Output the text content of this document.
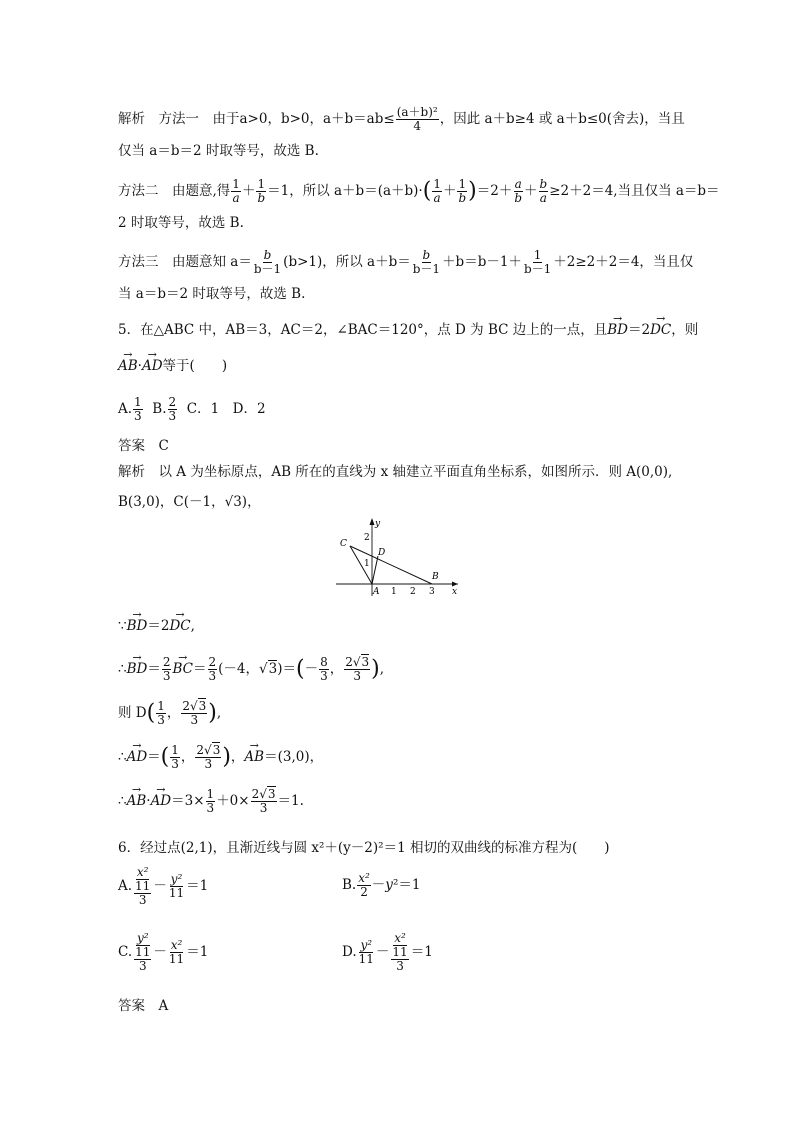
解析　方法一　由于a>0，b>0，$a+b=ab\le \frac{\text{(a＋b)²}}{4}$ ，因此 a＋b≥4 或 a＋b≤0(舍去)，当且
仅当 a＝b＝2 时取等号，故选 B.
方法二　由题意,得 $\frac{1}{a} + \frac{1}{b} =1$，所以 $a+b=(a+b)\cdot( \frac{1}{a} + \frac{1}{b} )=2+ \frac{a}{b} + \frac{b}{a} \ge 2+2=4$,当且仅当 a＝b＝
2 时取等号，故选 B.
方法三　由题意知 $a= \frac{b}{b-1} (b>1)$，所以 $a+b= \frac{b}{b-1} +b=b-1+ \frac{1}{b-1} +2\ge 2+2=4$，当且仅
当 a＝b＝2 时取等号，故选 B.
5．在△ABC 中，AB＝3，AC＝2，∠BAC＝120°，点 D 为 BC 边上的一点，且→ BD＝2→ DC，则
→ AB·→ AD等于(　　)
A. $\frac{1}{3} B$. $\frac{2}{3}$ C．1　 D．2
答案　C
解析　以 A 为坐标原点，AB 所在的直线为 x 轴建立平面直角坐标系，如图所示．则 A(0,0),
B(3,0)，C(－1，√3)，
C
y
2
D
1
A 1 2 3
B
x
∵→ BD＝2→ DC,
∴→ $BD= \frac{2}{3}$
→ $BC= \frac{2}{3} (-4$，$√3)=(- \frac{8}{3}$ ， $\frac{2√3}{3}$ ),
则 $D( \frac{1}{3}$ ， $\frac{2√3}{3}$ ),
∴→ $AD=( \frac{1}{3}$ ， $\frac{2√3}{3}$ )，→ AB＝(3,0)，
∴→ $AB\cdot\to AD=3\times \frac{1}{3} +0\times \frac{2√3}{3} =1$.
6．经过点(2,1)，且渐近线与圆 x²＋(y－2)²＝1 相切的双曲线的标准方程为(　　)
A. $\frac{\text{x²}}{\frac{11}{3}} - \frac{\text{y²}}{11} =1$	B. $\frac{\text{x²}}{2} -y^2=1$
C. $\frac{\text{y²}}{\frac{11}{3}} - \frac{\text{x²}}{11} =1$	D. $\frac{\text{y²}}{11} - \frac{\text{x²}}{\frac{11}{3}} =1$
答案　A
